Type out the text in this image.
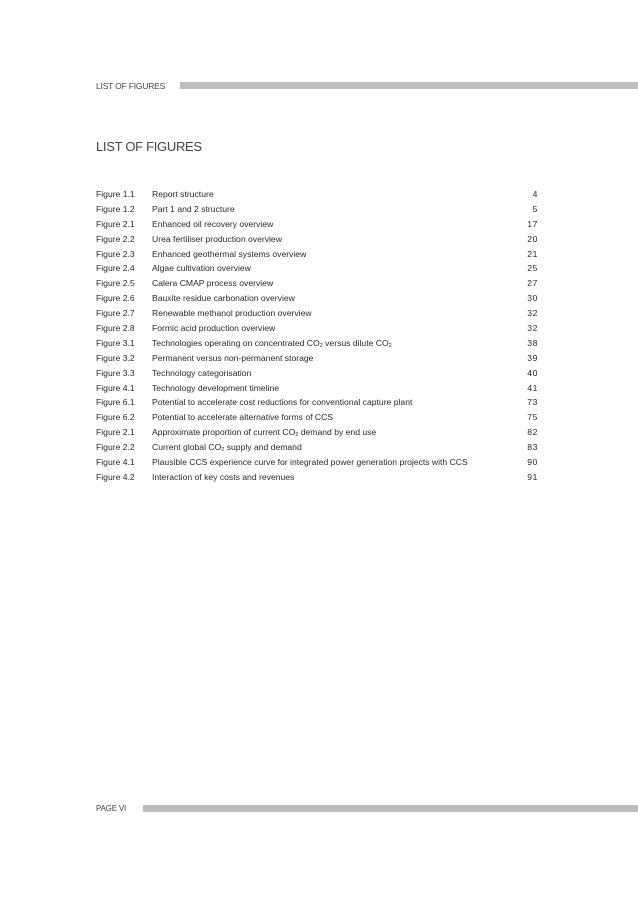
LIST OF FIGURES
LIST OF FIGURES
Figure 1.1 Report structure	4
Figure 1.2 Part 1 and 2 structure	5
Figure 2.1 Enhanced oil recovery overview	17
Figure 2.2 Urea fertiliser production overview	20
Figure 2.3 Enhanced geothermal systems overview	21
Figure 2.4 Algae cultivation overview	25
Figure 2.5 Calera CMAP process overview	27
Figure 2.6 Bauxite residue carbonation overview	30
Figure 2.7 Renewable methanol production overview	32
Figure 2.8 Formic acid production overview	32
Figure 3.1 Technologies operating on concentrated $CO_2$ versus dilute $CO_2$	38
Figure 3.2 Permanent versus non-permanent storage	39
Figure 3.3 Technology categorisation	40
Figure 4.1 Technology development timeline	41
Figure 6.1 Potential to accelerate cost reductions for conventional capture plant	73
Figure 6.2 Potential to accelerate alternative forms of CCS	75
Figure 2.1 Approximate proportion of current $CO_2$ demand by end use	82
Figure 2.2 Current global $CO_2$ supply and demand	83
Figure 4.1 Plausible CCS experience curve for integrated power generation projects with CCS	90
Figure 4.2 Interaction of key costs and revenues	91
PAGE VI
